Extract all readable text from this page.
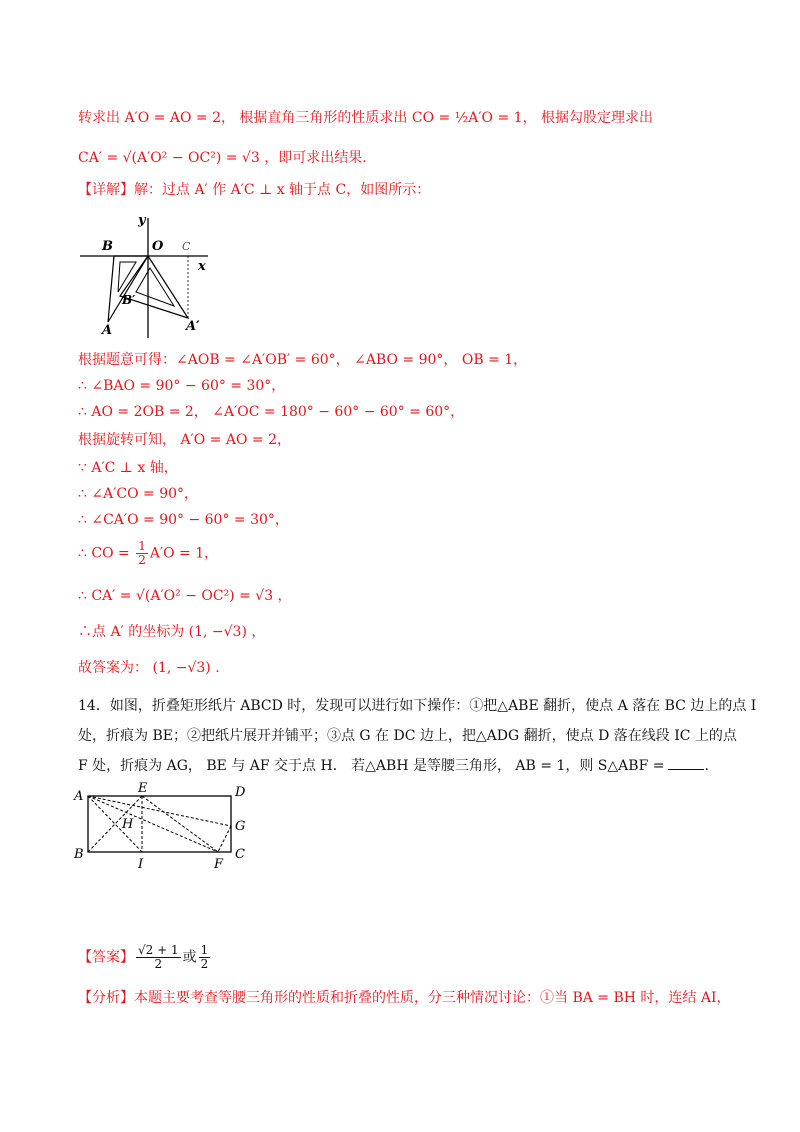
转求出 A′O = AO = 2， 根据直角三角形的性质求出 CO = ½A′O = 1， 根据勾股定理求出
CA′ = √(A′O² − OC²) = √3 ，即可求出结果.
【详解】解：过点 A′ 作 A′C ⊥ x 轴于点 C，如图所示：
y
x
B	O C
B′
A	A′
根据题意可得：∠AOB = ∠A′OB′ = 60°， ∠ABO = 90°， OB = 1，
∴ ∠BAO = 90° − 60° = 30°，
∴ AO = 2OB = 2， ∠A′OC = 180° − 60° − 60° = 60°，
根据旋转可知， A′O = AO = 2，
∵ A′C ⊥ x 轴，
∴ ∠A′CO = 90°，
∴ ∠CA′O = 90° − 60° = 30°，
∴ CO = $\frac{1}{2} A'O = 1$，
∴ CA′ = √(A′O² − OC²) = √3 ，
∴点 A′ 的坐标为 (1, −√3) ，
故答案为： (1, −√3) .
14．如图，折叠矩形纸片 ABCD 时，发现可以进行如下操作：①把△ABE 翻折，使点 A 落在 BC 边上的点 I
处，折痕为 BE；②把纸片展开并铺平；③点 G 在 DC 边上，把△ADG 翻折，使点 D 落在线段 IC 上的点
F 处，折痕为 AG， BE 与 AF 交于点 H． 若△ABH 是等腰三角形， AB = 1，则 S△ABF =	.
A
E	D
H	G
B
I	F
C
【答案】 $\frac{√2 + 1}{2}$ 或 $\frac{1}{2}$
【分析】本题主要考查等腰三角形的性质和折叠的性质，分三种情况讨论：①当 BA = BH 时，连结 AI，
